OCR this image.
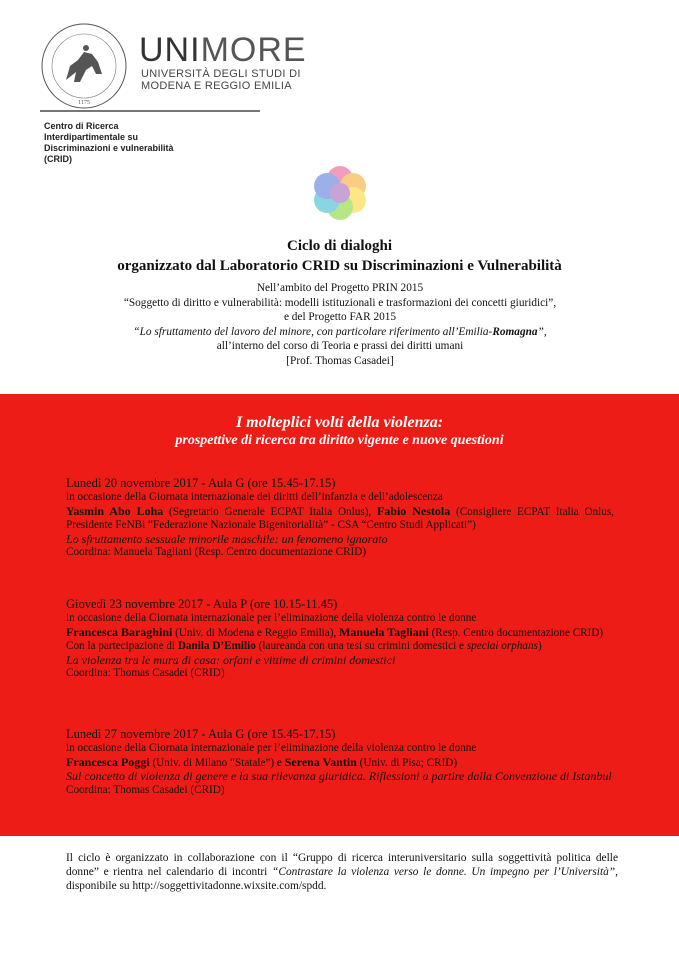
1175
UNIMORE
UNIVERSITÀ DEGLI STUDI DI
MODENA E REGGIO EMILIA
Centro di Ricerca
Interdipartimentale su
Discriminazioni e vulnerabilità
(CRID)
Ciclo di dialoghi
organizzato dal Laboratorio CRID su Discriminazioni e Vulnerabilità
Nell’ambito del Progetto PRIN 2015
“Soggetto di diritto e vulnerabilità: modelli istituzionali e trasformazioni dei concetti giuridici”,
e del Progetto FAR 2015
“Lo sfruttamento del lavoro del minore, con particolare riferimento all’Emilia-Romagna”,
all’interno del corso di Teoria e prassi dei diritti umani
[Prof. Thomas Casadei]
I molteplici volti della violenza:
prospettive di ricerca tra diritto vigente e nuove questioni
Lunedì 20 novembre 2017 - Aula G (ore 15.45-17.15)
in occasione della Giornata internazionale dei diritti dell’infanzia e dell’adolescenza
Yasmin Abo Loha (Segretario Generale ECPAT Italia Onlus), Fabio Nestola (Consigliere ECPAT Italia Onlus, Presidente FeNBi “Federazione Nazionale Bigenitorialità” - CSA “Centro Studi Applicati”)
Lo sfruttamento sessuale minorile maschile: un fenomeno ignorato
Coordina: Manuela Tagliani (Resp. Centro documentazione CRID)
Giovedì 23 novembre 2017 - Aula P (ore 10.15-11.45)
in occasione della Giornata internazionale per l’eliminazione della violenza contro le donne
Francesca Baraghini (Univ. di Modena e Reggio Emilia), Manuela Tagliani (Resp. Centro documentazione CRID)
Con la partecipazione di Danila D’Emilio (laureanda con una tesi su crimini domestici e special orphans)
La violenza tra le mura di casa: orfani e vittime di crimini domestici
Coordina: Thomas Casadei (CRID)
Lunedì 27 novembre 2017 - Aula G (ore 15.45-17.15)
in occasione della Giornata internazionale per l’eliminazione della violenza contro le donne
Francesca Poggi (Univ. di Milano “Statale”) e Serena Vantin (Univ. di Pisa; CRID)
Sul concetto di violenza di genere e la sua rilevanza giuridica. Riflessioni a partire dalla Convenzione di Istanbul
Coordina: Thomas Casadei (CRID)
Il ciclo è organizzato in collaborazione con il “Gruppo di ricerca interuniversitario sulla soggettività politica delle donne” e rientra nel calendario di incontri “Contrastare la violenza verso le donne. Un impegno per l’Università”, disponibile su http://soggettivitadonne.wixsite.com/spdd.
